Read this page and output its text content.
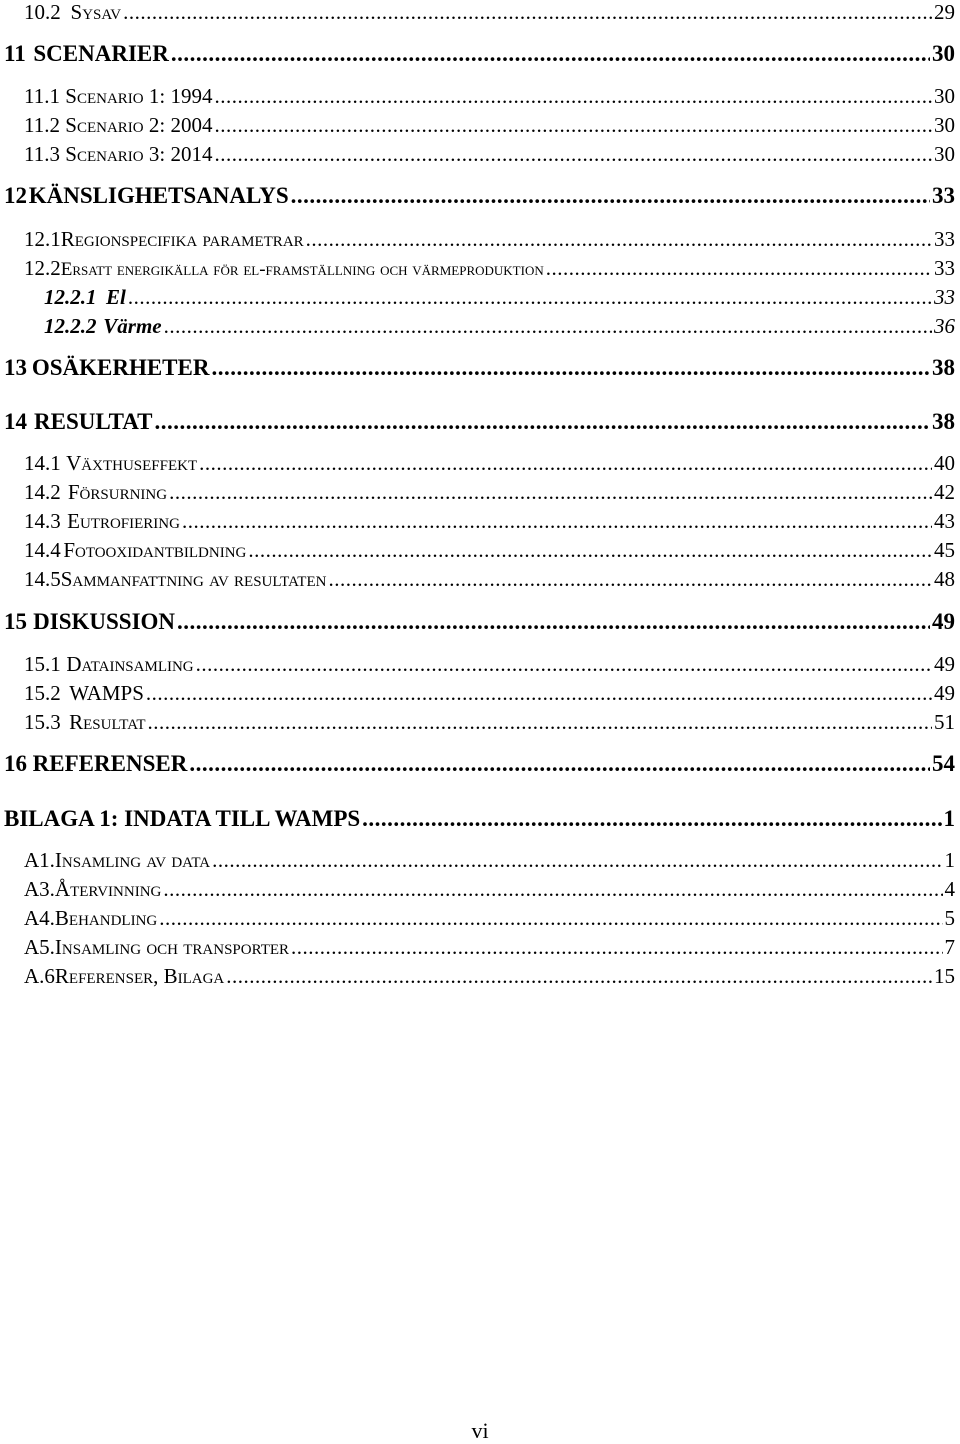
10.2 Sysav .....	29
11 SCENARIER .....	30
11.1 Scenario 1: 1994 .....	30
11.2 Scenario 2: 2004 .....	30
11.3 Scenario 3: 2014 .....	30
12 KÄNSLIGHETSANALYS .....	33
12.1 Regionspecifika parametrar .....	33
12.2 Ersatt energikälla för el-framställning och värmeproduktion .....	33
12.2.1 El .....	33
12.2.2 Värme .....	36
13 OSÄKERHETER .....	38
14 RESULTAT .....	38
14.1 Växthuseffekt .....	40
14.2 Försurning .....	42
14.3 Eutrofiering .....	43
14.4 Fotooxidantbildning .....	45
14.5 Sammanfattning av resultaten .....	48
15 DISKUSSION .....	49
15.1 Datainsamling .....	49
15.2 WAMPS .....	49
15.3 Resultat .....	51
16 REFERENSER .....	54
BILAGA 1: INDATA TILL WAMPS .....	1
A1. Insamling av data .....	1
A3. Återvinning .....	4
A4. Behandling .....	5
A5. Insamling och transporter .....	7
A.6 Referenser, Bilaga .....	15
vi
